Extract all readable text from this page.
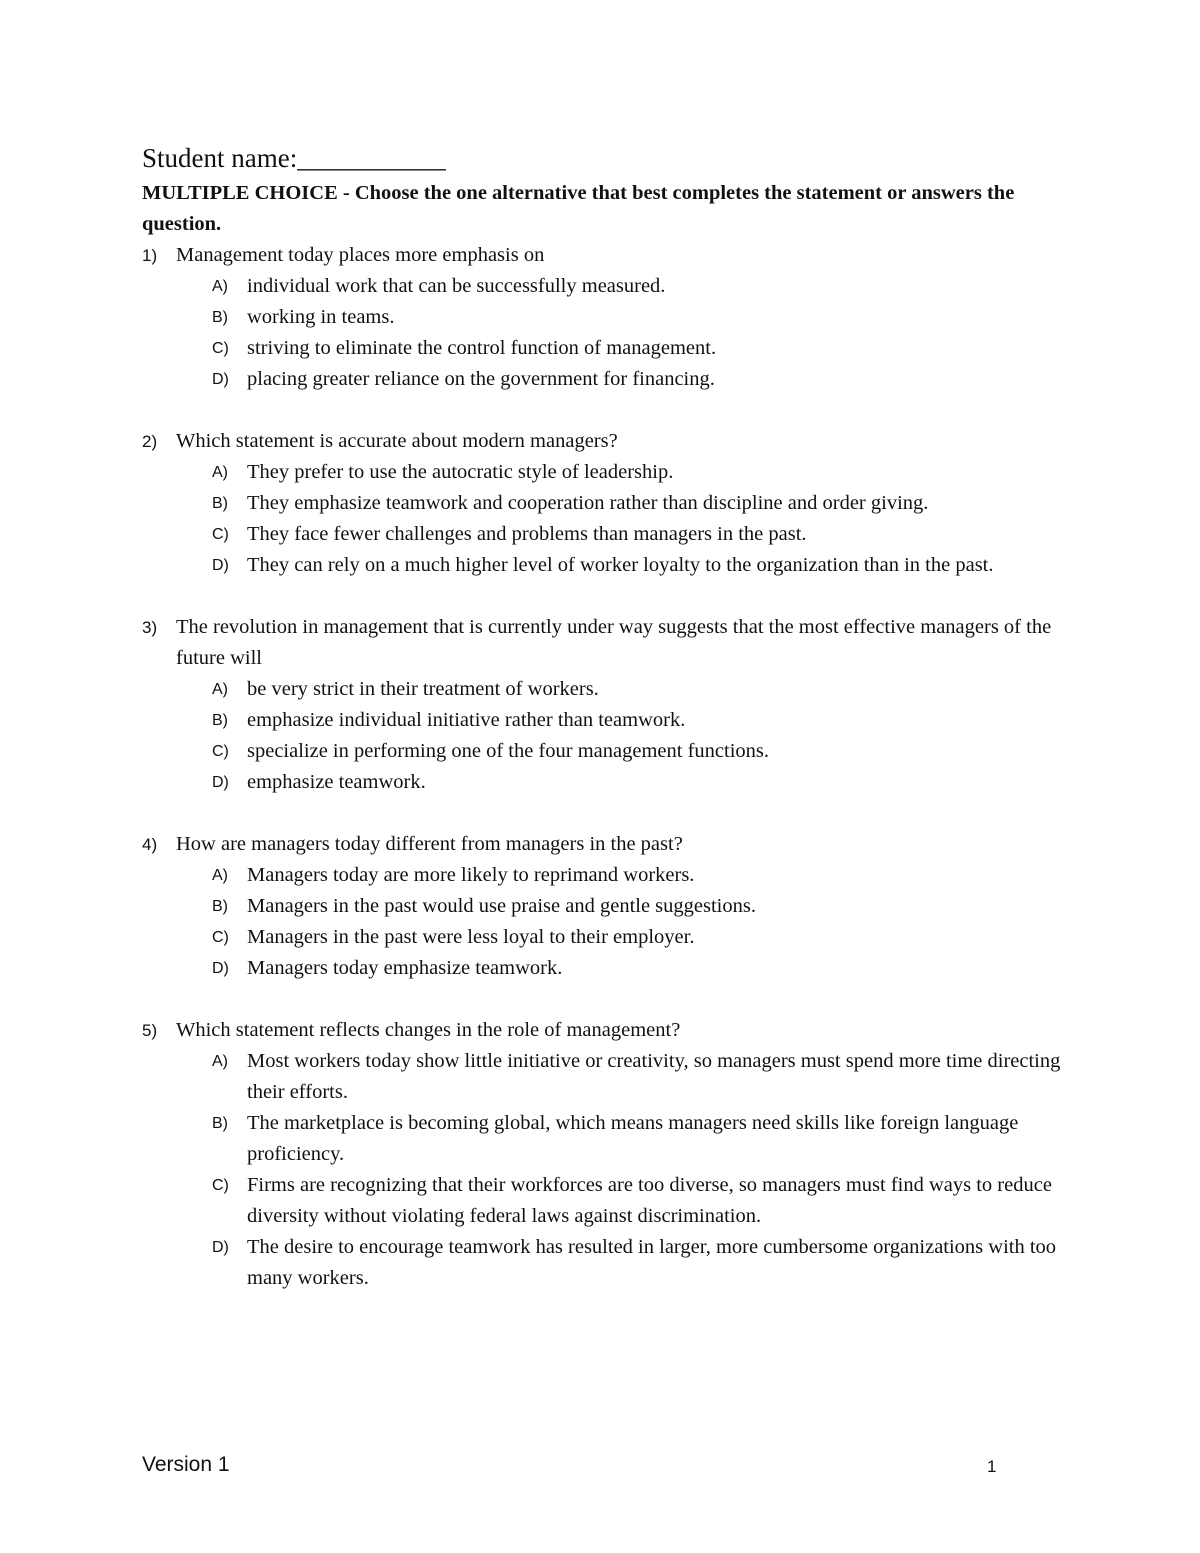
Student name:___________
MULTIPLE CHOICE - Choose the one alternative that best completes the statement or answers the question.
1) Management today places more emphasis on
A) individual work that can be successfully measured.
B) working in teams.
C) striving to eliminate the control function of management.
D) placing greater reliance on the government for financing.
2) Which statement is accurate about modern managers?
A) They prefer to use the autocratic style of leadership.
B) They emphasize teamwork and cooperation rather than discipline and order giving.
C) They face fewer challenges and problems than managers in the past.
D) They can rely on a much higher level of worker loyalty to the organization than in the past.
3) The revolution in management that is currently under way suggests that the most effective managers of the future will
A) be very strict in their treatment of workers.
B) emphasize individual initiative rather than teamwork.
C) specialize in performing one of the four management functions.
D) emphasize teamwork.
4) How are managers today different from managers in the past?
A) Managers today are more likely to reprimand workers.
B) Managers in the past would use praise and gentle suggestions.
C) Managers in the past were less loyal to their employer.
D) Managers today emphasize teamwork.
5) Which statement reflects changes in the role of management?
A) Most workers today show little initiative or creativity, so managers must spend more time directing their efforts.
B) The marketplace is becoming global, which means managers need skills like foreign language proficiency.
C) Firms are recognizing that their workforces are too diverse, so managers must find ways to reduce diversity without violating federal laws against discrimination.
D) The desire to encourage teamwork has resulted in larger, more cumbersome organizations with too many workers.
Version 1	1
